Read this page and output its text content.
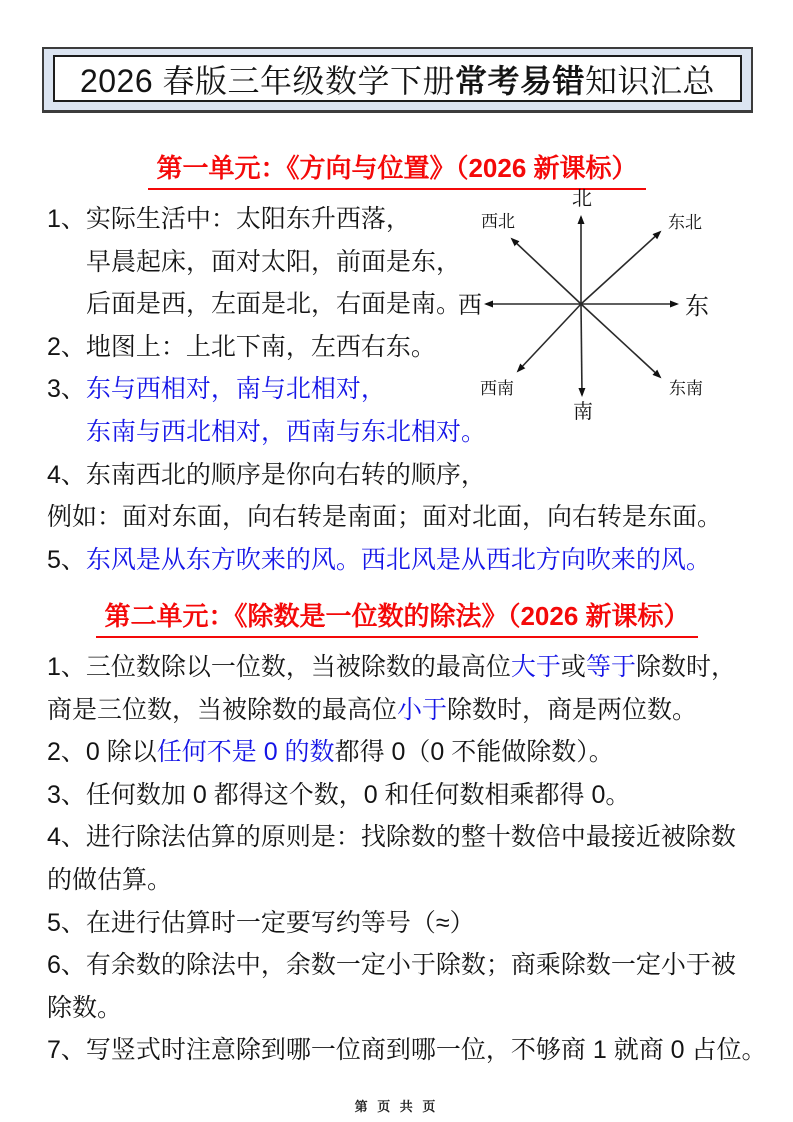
2026 春版三年级数学下册 常考易错 知识汇总
第一单元：《方向与位置》（2026 新课标）
1、实际生活中：太阳东升西落，
早晨起床，面对太阳，前面是东，
后面是西，左面是北，右面是南。
2、地图上：上北下南，左西右东。
3、东与西相对，南与北相对，
东南与西北相对，西南与东北相对。
4、东南西北的顺序是你向右转的顺序，
例如：面对东面，向右转是南面；面对北面，向右转是东面。
5、东风是从东方吹来的风。西北风是从西北方向吹来的风。
北
南
西	东
西北	东北
西南	东南
第二单元：《除数是一位数的除法》（2026 新课标）
1、三位数除以一位数，当被除数的最高位大于或等于除数时，
商是三位数，当被除数的最高位小于除数时，商是两位数。
2、0 除以任何不是 0 的数都得 0（0 不能做除数）。
3、任何数加 0 都得这个数，0 和任何数相乘都得 0。
4、进行除法估算的原则是：找除数的整十数倍中最接近被除数
的做估算。
5、在进行估算时一定要写约等号（≈）
6、有余数的除法中，余数一定小于除数；商乘除数一定小于被
除数。
7、写竖式时注意除到哪一位商到哪一位，不够商 1 就商 0 占位。
第 页 共 页
